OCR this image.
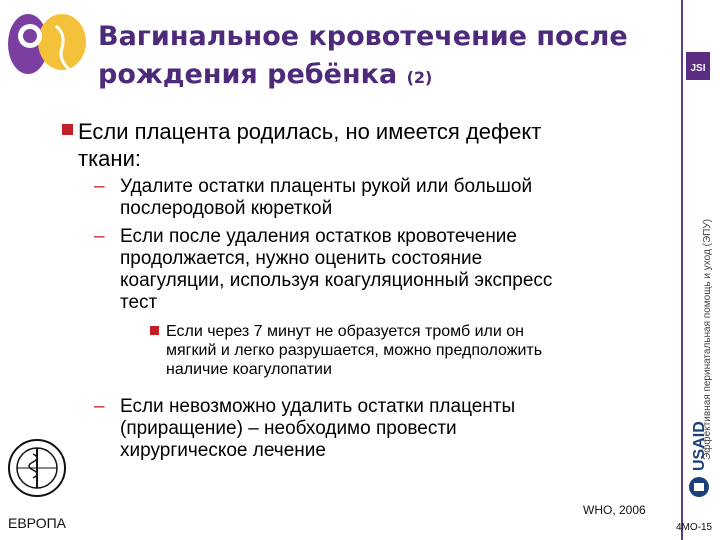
Вагинальное кровотечение после
рождения ребёнка (2)	JSI
Эффективная перинатальная помощь и уход (ЭПУ)
Если плацента родилась, но имеется дефект
ткани:
– Удалите остатки плаценты рукой или большой
послеродовой кюреткой
– Если после удаления остатков кровотечение
продолжается, нужно оценить состояние
коагуляции, используя коагуляционный экспресс
тест
Если через 7 минут не образуется тромб или он
мягкий и легко разрушается, можно предположить
наличие коагулопатии
– Если невозможно удалить остатки плаценты
(приращение) – необходимо провести
хирургическое лечение
ЕВРОПА
USAID
WHO, 2006
4МО-15
